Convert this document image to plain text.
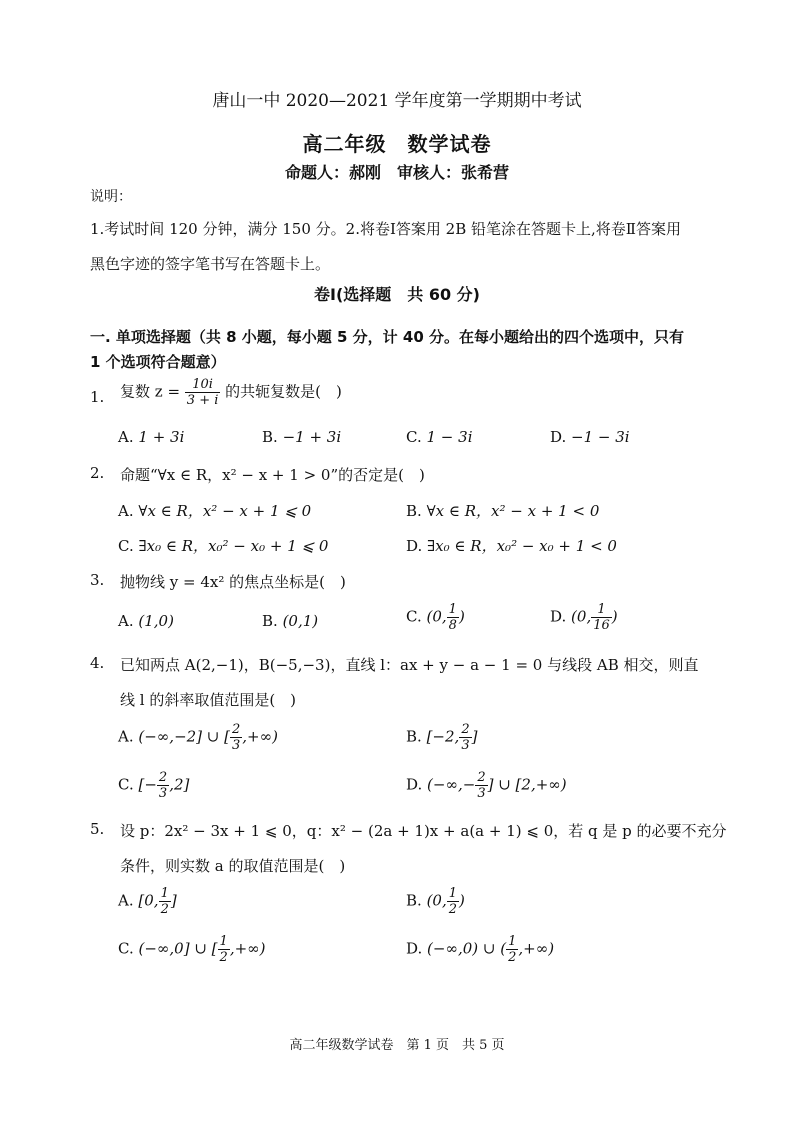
唐山一中 2020—2021 学年度第一学期期中考试
高二年级　数学试卷
命题人：郝刚　审核人：张希营
说明：
1.考试时间 120 分钟，满分 150 分。2.将卷Ⅰ答案用 2B 铅笔涂在答题卡上,将卷Ⅱ答案用
黑色字迹的签字笔书写在答题卡上。
卷Ⅰ(选择题　共 60 分)
一. 单项选择题（共 8 小题，每小题 5 分，计 40 分。在每小题给出的四个选项中，只有
1 个选项符合题意）
1. 复数 $z = \frac{10i}{3 + i}$ 的共轭复数是(　)
A. 1 + 3i	B. −1 + 3i	C. 1 − 3i	D. −1 − 3i
2. 命题“∀x ∈ R，x² − x + 1 > 0”的否定是(　)
A. ∀x ∈ R，x² − x + 1 ⩽ 0	B. ∀x ∈ R，x² − x + 1 < 0
C. ∃x₀ ∈ R，x₀² − x₀ + 1 ⩽ 0	D. ∃x₀ ∈ R，x₀² − x₀ + 1 < 0
3. 抛物线 y = 4x² 的焦点坐标是(　)
A. (1,0)	B. (0,1)	C. (0, $\frac{1}{8}$ )	D. (0, $\frac{1}{16}$ )
4. 已知两点 A(2,−1)，B(−5,−3)，直线 l：ax + y − a − 1 = 0 与线段 AB 相交，则直
线 l 的斜率取值范围是(　)
A. (−∞,−2] ∪ [ $\frac{2}{3}$ ,+∞)	B. [−2, $\frac{2}{3}$ ]
C. [− $\frac{2}{3} ,2$]	D. (−∞,− $\frac{2}{3}$ ] ∪ [2,+∞)
5. 设 p：2x² − 3x + 1 ⩽ 0，q：x² − (2a + 1)x + a(a + 1) ⩽ 0，若 q 是 p 的必要不充分
条件，则实数 a 的取值范围是(　)
A. [0, $\frac{1}{2}$ ]	B. (0, $\frac{1}{2}$ )
C. (−∞,0] ∪ [ $\frac{1}{2}$ ,+∞)	D. (−∞,0) ∪ ( $\frac{1}{2}$ ,+∞)
高二年级数学试卷　第 1 页　共 5 页
